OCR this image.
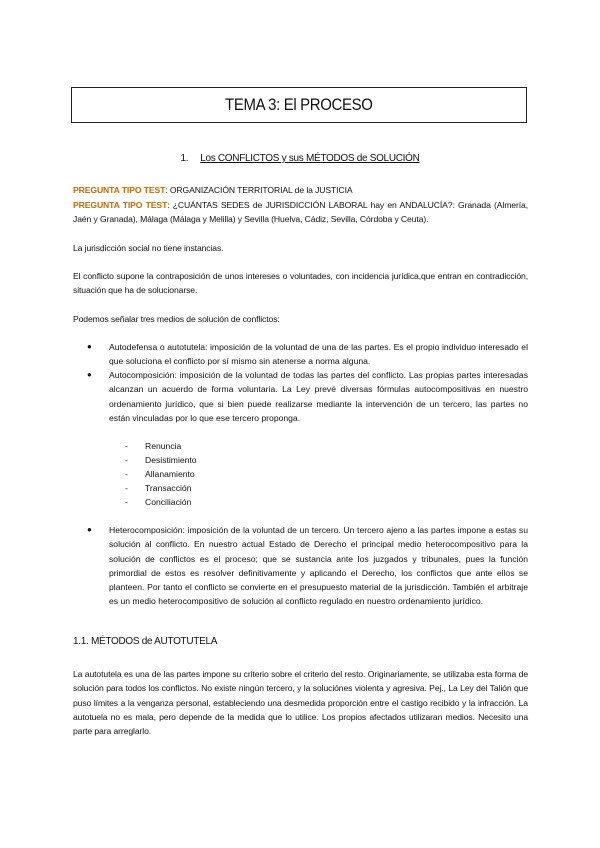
TEMA 3: El PROCESO
1. Los CONFLICTOS y sus MÉTODOS de SOLUCIÓN
PREGUNTA TIPO TEST: ORGANIZACIÓN TERRITORIAL de la JUSTICIA
PREGUNTA TIPO TEST: ¿CUÁNTAS SEDES de JURISDICCIÓN LABORAL hay en ANDALUCÍA?: Granada (Almería, Jaén y Granada), Málaga (Málaga y Melilla) y Sevilla (Huelva, Cádiz, Sevilla, Córdoba y Ceuta).
La jurisdicción social no tiene instancias.
El conflicto supone la contraposición de unos intereses o voluntades, con incidencia jurídica,que entran en contradicción, situación que ha de solucionarse.
Podemos señalar tres medios de solución de conflictos:
● Autodefensa o autotutela: imposición de la voluntad de una de las partes. Es el propio individuo interesado el que soluciona el conflicto por sí mismo sin atenerse a norma alguna.
● Autocomposición: imposición de la voluntad de todas las partes del conflicto. Las propias partes interesadas alcanzan un acuerdo de forma voluntaria. La Ley prevé diversas fórmulas autocompositivas en nuestro ordenamiento jurídico, que si bien puede realizarse mediante la intervención de un tercero, las partes no están vinculadas por lo que ese tercero proponga.
- Renuncia
- Desistimiento
- Allanamiento
- Transacción
- Conciliación
● Heterocomposición: imposición de la voluntad de un tercero. Un tercero ajeno a las partes impone a estas su solución al conflicto. En nuestro actual Estado de Derecho el principal medio heterocompositivo para la solución de conflictos es el proceso; que se sustancia ante los juzgados y tribunales, pues la función primordial de estos es resolver definitivamente y aplicando el Derecho, los conflictos que ante ellos se planteen. Por tanto el conflicto se convierte en el presupuesto material de la jurisdicción. También el arbitraje es un medio heterocompositivo de solución al conflicto regulado en nuestro ordenamiento jurídico.
1.1. MÉTODOS de AUTOTUTELA
La autotutela es una de las partes impone su criterio sobre el criterio del resto. Originariamente, se utilizaba esta forma de solución para todos los conflictos. No existe ningún tercero, y la soluciónes violenta y agresiva. Pej., La Ley del Talión que puso límites a la venganza personal, estableciendo una desmedida proporción entre el castigo recibido y la infracción. La autotuela no es mala, pero depende de la medida que lo utilice. Los propios afectados utilizaran medios. Necesito una parte para arreglarlo.
